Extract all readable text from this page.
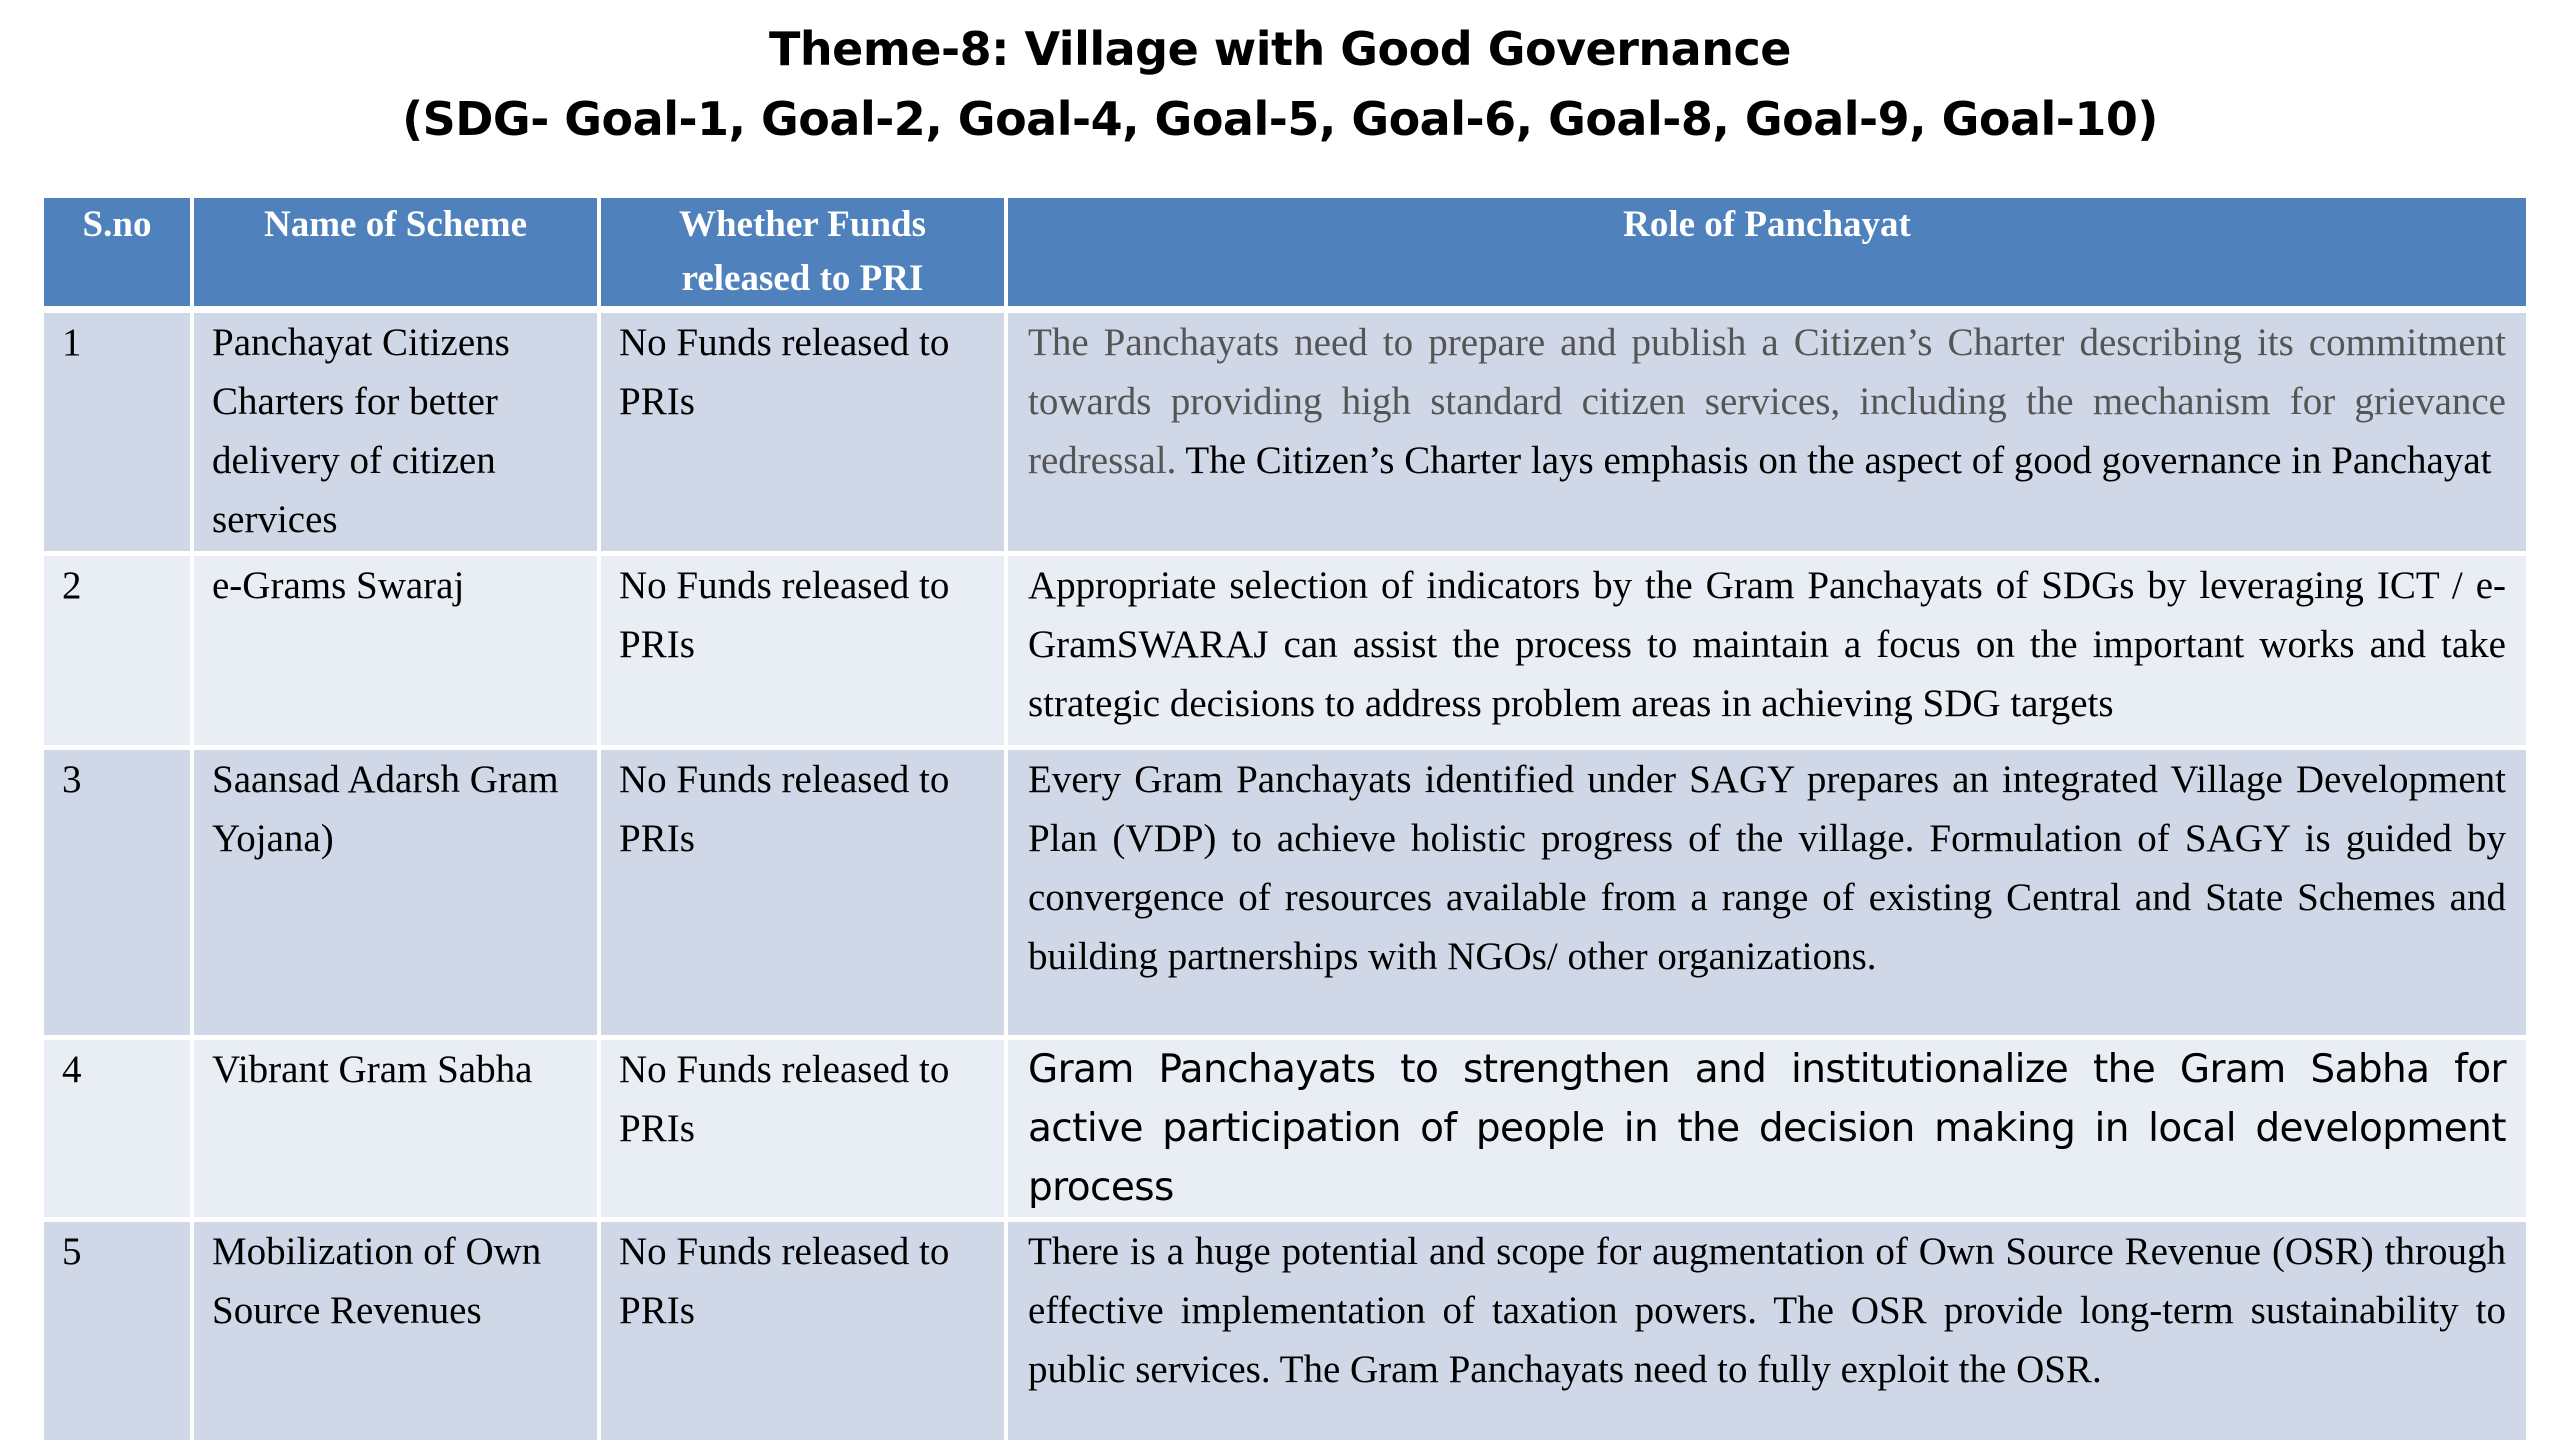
Theme-8: Village with Good Governance
(SDG- Goal-1, Goal-2, Goal-4, Goal-5, Goal-6, Goal-8, Goal-9, Goal-10)
S.no	Name of Scheme	Whether Funds released to PRI	Role of Panchayat
1	Panchayat Citizens Charters for better delivery of citizen services	No Funds released to PRIs	The Panchayats need to prepare and publish a Citizen’s Charter describing its commitment towards providing high standard citizen services, including the mechanism for grievance redressal. The Citizen’s Charter lays emphasis on the aspect of good governance in Panchayat
2	e-Grams Swaraj	No Funds released to PRIs	Appropriate selection of indicators by the Gram Panchayats of SDGs by leveraging ICT / e-GramSWARAJ can assist the process to maintain a focus on the important works and take strategic decisions to address problem areas in achieving SDG targets
3	Saansad Adarsh Gram Yojana)	No Funds released to PRIs	Every Gram Panchayats identified under SAGY prepares an integrated Village Development Plan (VDP) to achieve holistic progress of the village. Formulation of SAGY is guided by convergence of resources available from a range of existing Central and State Schemes and building partnerships with NGOs/ other organizations.
4	Vibrant Gram Sabha	No Funds released to PRIs	Gram Panchayats to strengthen and institutionalize the Gram Sabha for active participation of people in the decision making in local development process
5	Mobilization of Own Source Revenues	No Funds released to PRIs	There is a huge potential and scope for augmentation of Own Source Revenue (OSR) through effective implementation of taxation powers. The OSR provide long-term sustainability to public services. The Gram Panchayats need to fully exploit the OSR.
